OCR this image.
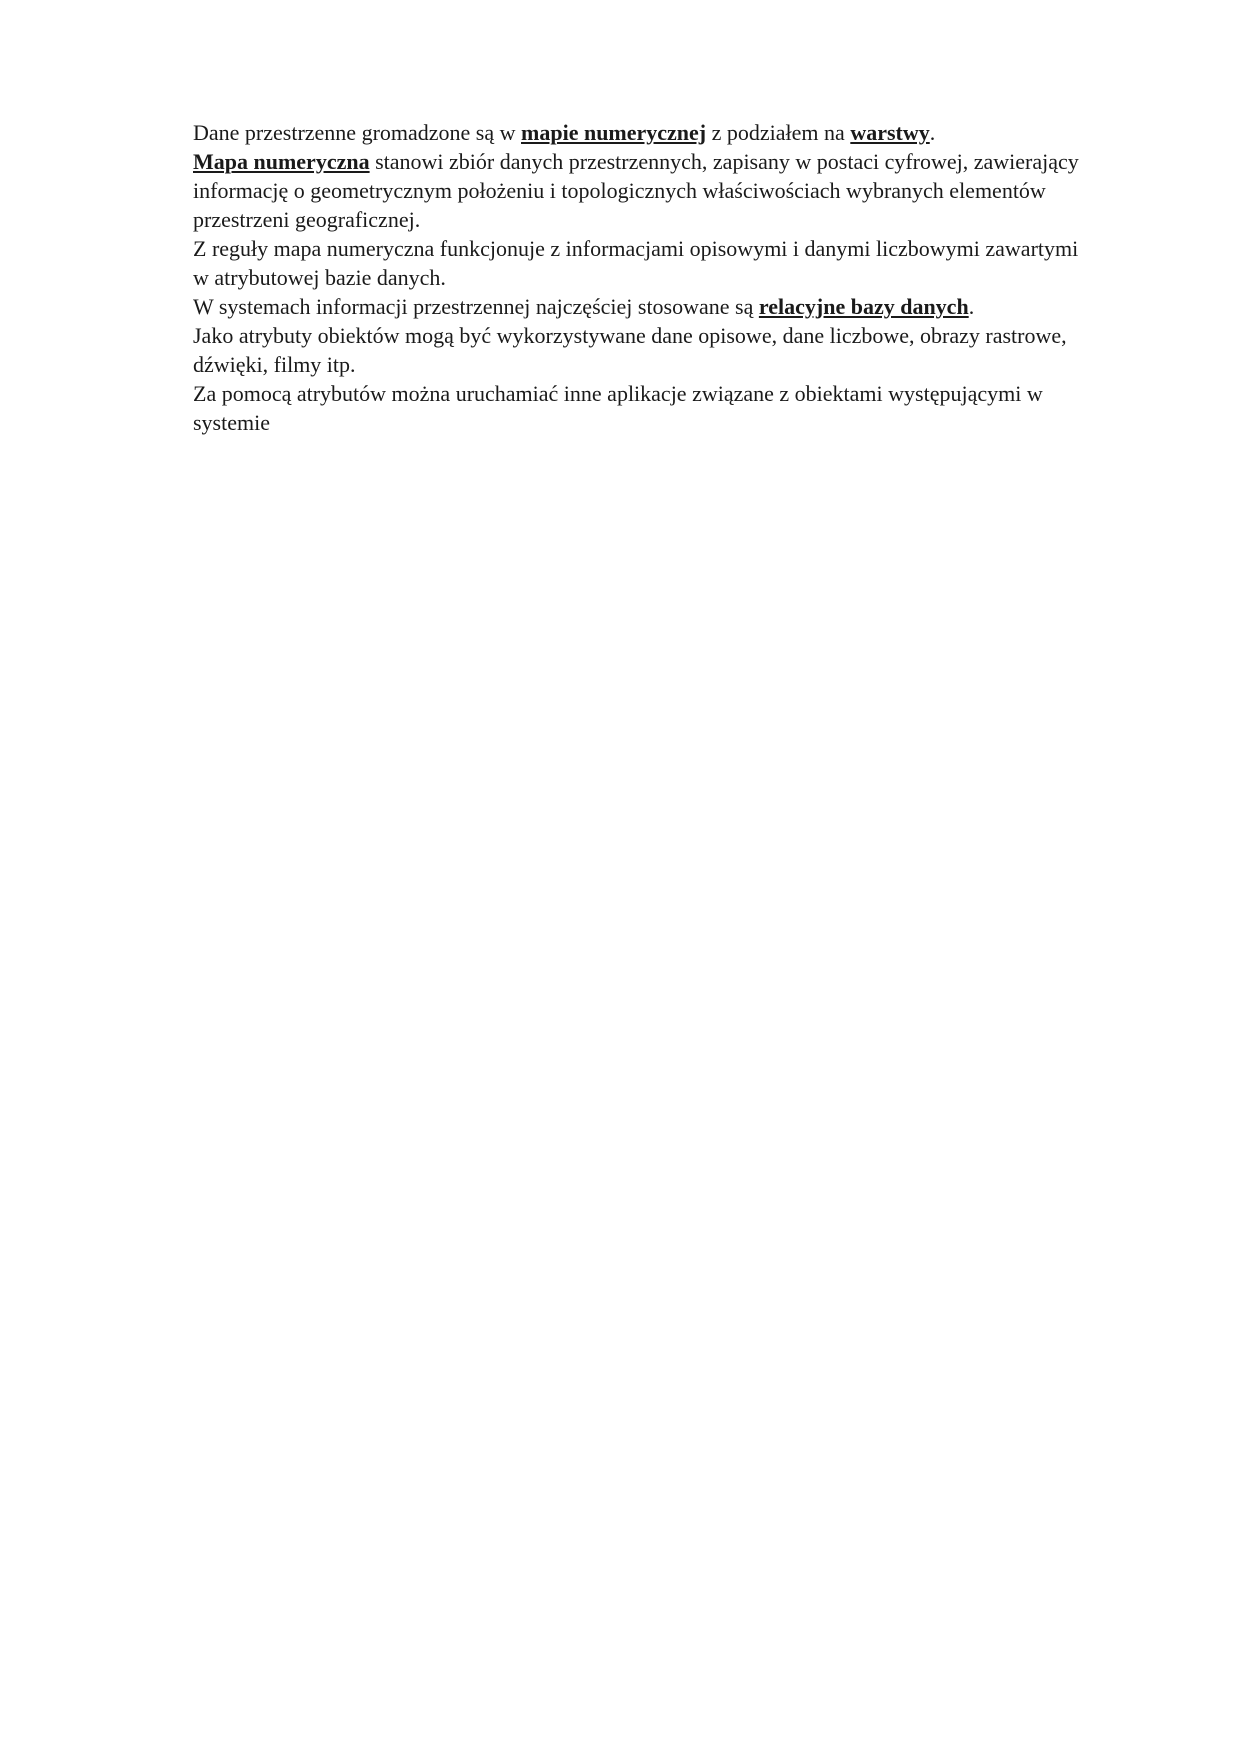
Dane przestrzenne gromadzone są w mapie numerycznej z podziałem na warstwy.

Mapa numeryczna stanowi zbiór danych przestrzennych, zapisany w postaci cyfrowej, zawierający informację o geometrycznym położeniu i topologicznych właściwościach wybranych elementów przestrzeni geograficznej.

Z reguły mapa numeryczna funkcjonuje z informacjami opisowymi i danymi liczbowymi zawartymi w atrybutowej bazie danych.

W systemach informacji przestrzennej najczęściej stosowane są relacyjne bazy danych.

Jako atrybuty obiektów mogą być wykorzystywane dane opisowe, dane liczbowe, obrazy rastrowe, dźwięki, filmy itp.

Za pomocą atrybutów można uruchamiać inne aplikacje związane z obiektami występującymi w systemie
